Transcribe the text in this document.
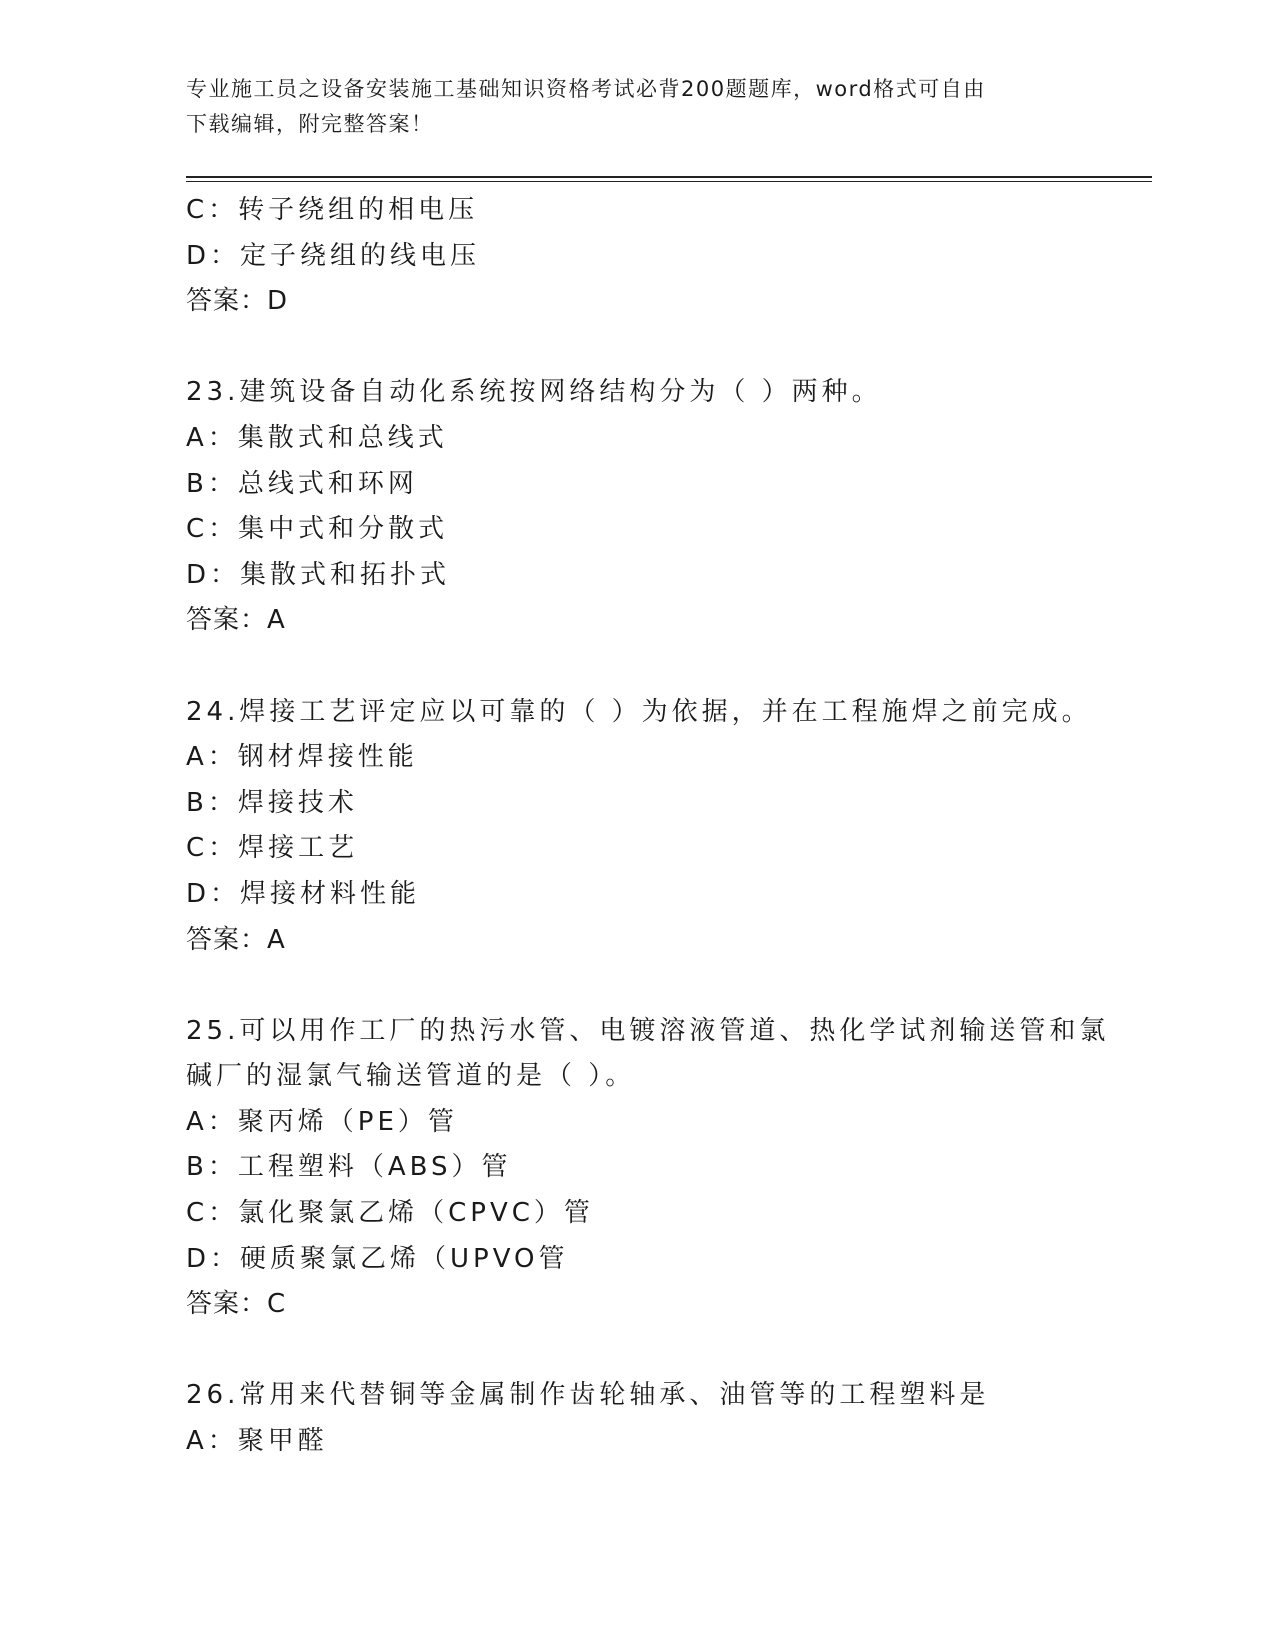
专业施工员之设备安装施工基础知识资格考试必背200题题库，word格式可自由
下载编辑，附完整答案！
C：转子绕组的相电压
D：定子绕组的线电压
答案：D
23.建筑设备自动化系统按网络结构分为（ ）两种。
A：集散式和总线式
B：总线式和环网
C：集中式和分散式
D：集散式和拓扑式
答案：A
24.焊接工艺评定应以可靠的（ ）为依据，并在工程施焊之前完成。
A：钢材焊接性能
B：焊接技术
C：焊接工艺
D：焊接材料性能
答案：A
25.可以用作工厂的热污水管、电镀溶液管道、热化学试剂输送管和氯
碱厂的湿氯气输送管道的是（ ）。
A：聚丙烯（PE）管
B：工程塑料（ABS）管
C：氯化聚氯乙烯（CPVC）管
D：硬质聚氯乙烯（UPVO管
答案：C
26.常用来代替铜等金属制作齿轮轴承、油管等的工程塑料是
A：聚甲醛
